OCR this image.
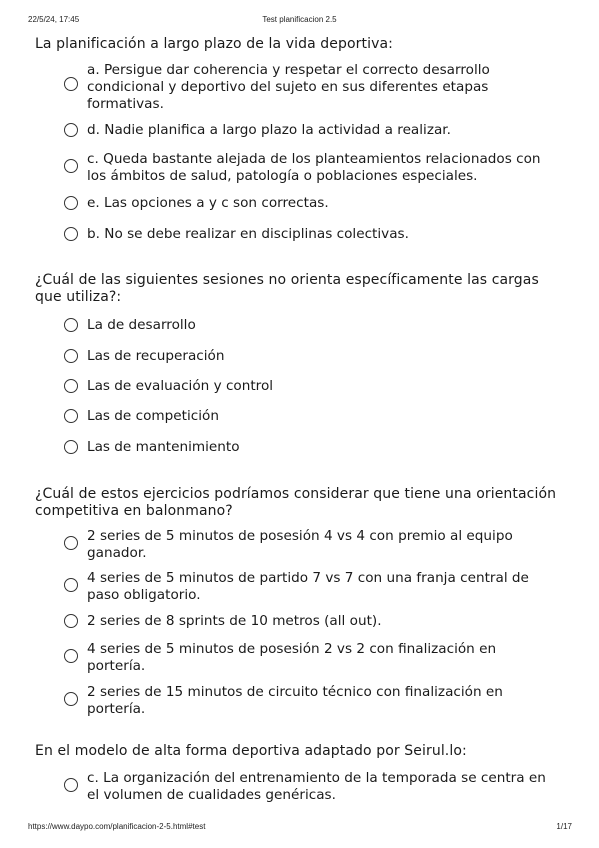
22/5/24, 17:45	Test planificacion 2.5
La planificación a largo plazo de la vida deportiva:
a. Persigue dar coherencia y respetar el correcto desarrollo condicional y deportivo del sujeto en sus diferentes etapas formativas.
d. Nadie planifica a largo plazo la actividad a realizar.
c. Queda bastante alejada de los planteamientos relacionados con los ámbitos de salud, patología o poblaciones especiales.
e. Las opciones a y c son correctas.
b. No se debe realizar en disciplinas colectivas.
¿Cuál de las siguientes sesiones no orienta específicamente las cargas que utiliza?:
La de desarrollo
Las de recuperación
Las de evaluación y control
Las de competición
Las de mantenimiento
¿Cuál de estos ejercicios podríamos considerar que tiene una orientación competitiva en balonmano?
2 series de 5 minutos de posesión 4 vs 4 con premio al equipo ganador.
4 series de 5 minutos de partido 7 vs 7 con una franja central de paso obligatorio.
2 series de 8 sprints de 10 metros (all out).
4 series de 5 minutos de posesión 2 vs 2 con finalización en portería.
2 series de 15 minutos de circuito técnico con finalización en portería.
En el modelo de alta forma deportiva adaptado por Seirul.lo:
c. La organización del entrenamiento de la temporada se centra en el volumen de cualidades genéricas.
https://www.daypo.com/planificacion-2-5.html#test	1/17
